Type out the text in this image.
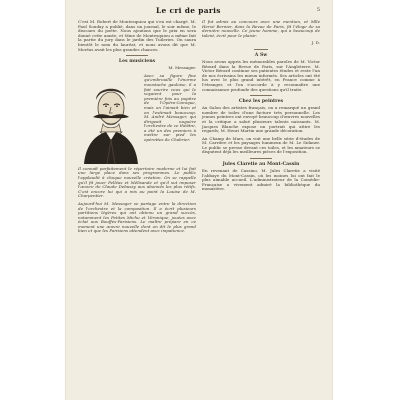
Le cri de paris	5

C'est M. Robert de Montesquiou qui s'en est chargé. M. Paul Souday a publié, dans un journal, le soir même, le discours du poète. Nous ajoutons que le prix en sera donné cette année, et Mme de Montesquiou a même fait la partie du jury dans le jardin des Tuileries. On saura bientôt le nom du lauréat, et nous avons dit que M. Moréas avait les plus grandes chances.

Les musiciens
M. Messager.

Avec sa figure fine qu'embrouille l'énorme moustache gauloise, il a fait sourire ceux qui le voyaient pour la première fois au pupitre de l'Opéra-Comique, mais on l'aimait bien et on l'estimait beaucoup. M. André Messager, qui dirigeait naguère l'orchestre de ce théâtre, a été un des premiers à mettre sur pied les opérettes de Chabrier.

Il connaît parfaitement le répertoire moderne et lui fait une large place dans ses programmes. Le public l'applaudit à chaque nouvelle création. On se rappelle qu'il fit jouer Pelléas et Mélisande et qu'il sut imposer l'œuvre de Claude Debussy aux abonnés les plus rétifs. C'est encore lui qui a mis au point la Louise de M. Charpentier.

Aujourd'hui M. Messager se partage entre la direction de l'orchestre et la composition. Il a écrit plusieurs partitions légères qui ont obtenu un grand succès, notamment les Petites Michu et Véronique, jouées avec éclat aux Bouffes-Parisiens. Le maître prépare en ce moment une œuvre nouvelle dont on dit le plus grand bien et que les Parisiens attendent avec impatience.

Il fut admis au concours avec une mention, et Mlle Hervé Bernier, dans la Revue de Paris, fit l'éloge de sa dernière nouvelle. Ce jeune homme, qui a beaucoup de talent, écrit pour le plaisir.

J. D.
A Sw

Nous avons appris les mémorables paroles de M. Victor Bérard dans la Revue de Paris, sur l'Angleterre. M. Victor Bérard continue ses patientes études et reste l'un de nos écrivains les mieux informés. Ses articles ont été lus avec le plus grand intérêt, en France comme à l'étranger, et l'on s'accorde à y reconnaître une connaissance profonde des questions qu'il traite.

Chez les peintres

Au Salon des artistes français, on a remarqué un grand nombre de toiles d'une facture très personnelle. Les jeunes peintres ont envoyé beaucoup d'œuvres nouvelles et la critique a salué plusieurs talents naissants. M. Jacques Blanche expose un portrait qui attire les regards; M. Henri Martin une grande décoration.

Au Champ de Mars, on voit une belle série d'études de M. Carrière et les paysages lumineux de M. Le Sidaner. Le public se presse devant ces toiles, et les amateurs se disputent déjà les meilleures pièces de l'exposition.

Jules Claretie au Mont-Cassin

En revenant de Cassino, M. Jules Claretie a visité l'abbaye du Mont-Cassin, où les moines lui ont fait le plus aimable accueil. L'administrateur de la Comédie-Française a vivement admiré la bibliothèque du monastère.
